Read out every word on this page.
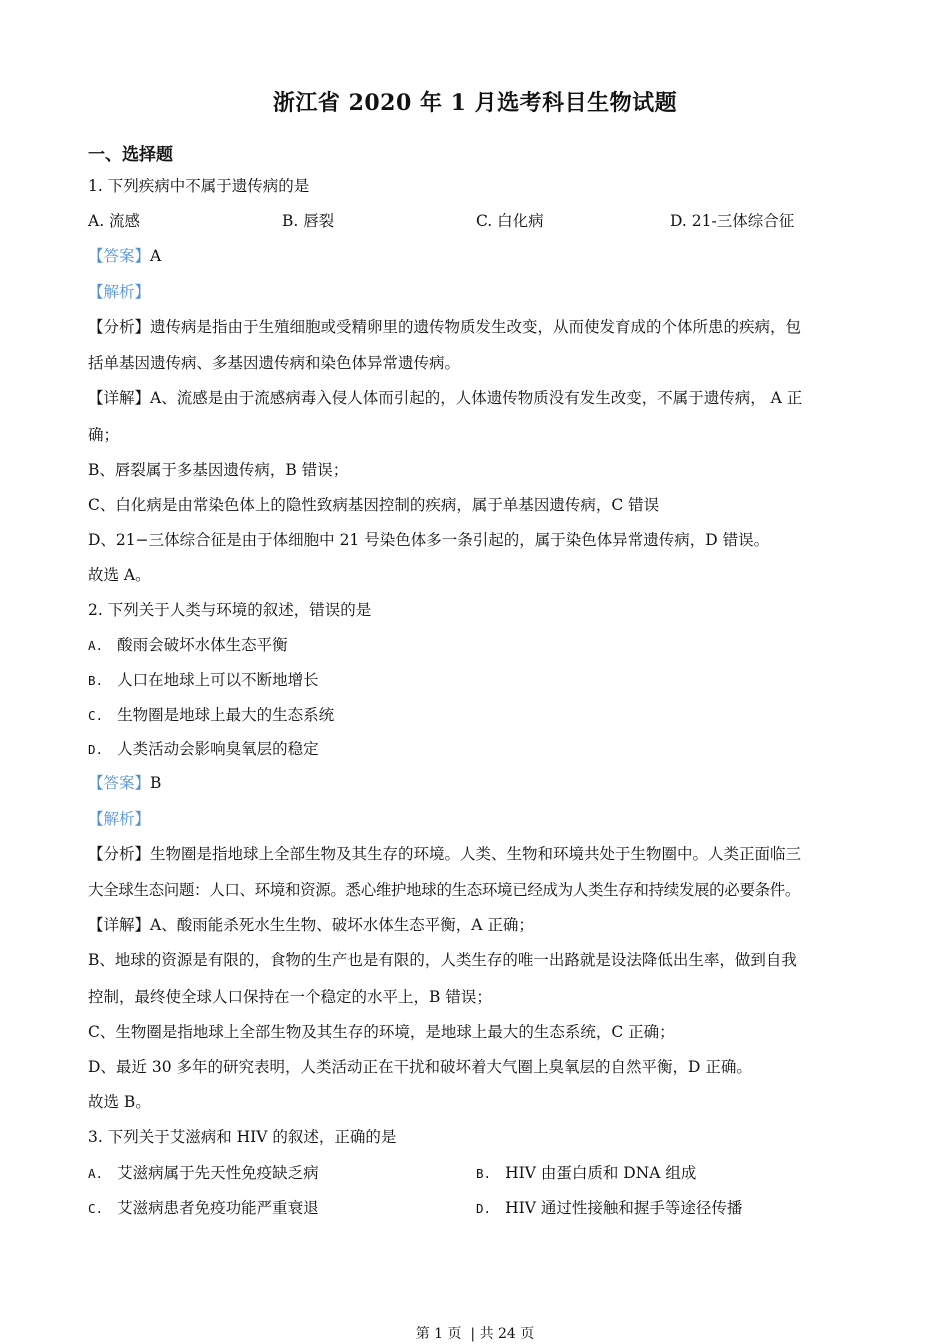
浙江省 2020 年 1 月选考科目生物试题
一、选择题
1. 下列疾病中不属于遗传病的是
A. 流感	B. 唇裂	C. 白化病	D. 21-三体综合征
【答案】A
【解析】
【分析】遗传病是指由于生殖细胞或受精卵里的遗传物质发生改变，从而使发育成的个体所患的疾病，包
括单基因遗传病、多基因遗传病和染色体异常遗传病。
【详解】A、流感是由于流感病毒入侵人体而引起的，人体遗传物质没有发生改变，不属于遗传病， A 正
确；
B、唇裂属于多基因遗传病，B 错误；
C、白化病是由常染色体上的隐性致病基因控制的疾病，属于单基因遗传病，C 错误
D、21−三体综合征是由于体细胞中 21 号染色体多一条引起的，属于染色体异常遗传病，D 错误。
故选 A。
2. 下列关于人类与环境的叙述，错误的是
A. 酸雨会破坏水体生态平衡
B. 人口在地球上可以不断地增长
C. 生物圈是地球上最大的生态系统
D. 人类活动会影响臭氧层的稳定
【答案】B
【解析】
【分析】生物圈是指地球上全部生物及其生存的环境。人类、生物和环境共处于生物圈中。人类正面临三
大全球生态问题：人口、环境和资源。悉心维护地球的生态环境已经成为人类生存和持续发展的必要条件。
【详解】A、酸雨能杀死水生生物、破坏水体生态平衡，A 正确；
B、地球的资源是有限的，食物的生产也是有限的，人类生存的唯一出路就是设法降低出生率，做到自我
控制，最终使全球人口保持在一个稳定的水平上，B 错误；
C、生物圈是指地球上全部生物及其生存的环境，是地球上最大的生态系统，C 正确；
D、最近 30 多年的研究表明，人类活动正在干扰和破坏着大气圈上臭氧层的自然平衡，D 正确。
故选 B。
3. 下列关于艾滋病和 HIV 的叙述，正确的是
A. 艾滋病属于先天性免疫缺乏病	B. HIV 由蛋白质和 DNA 组成
C. 艾滋病患者免疫功能严重衰退	D. HIV 通过性接触和握手等途径传播
第 1 页  | 共 24 页
